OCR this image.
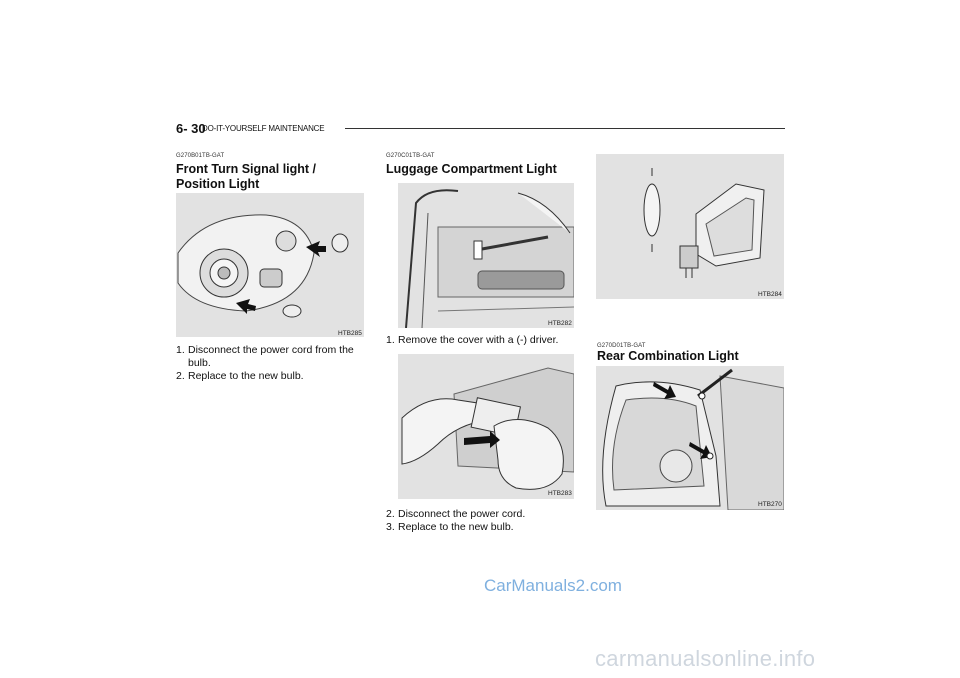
6- 30
DO-IT-YOURSELF MAINTENANCE
G270B01TB-GAT
Front Turn Signal light /
Position Light
HTB285
1. Disconnect the power cord from the
bulb.
2. Replace to the new bulb.
G270C01TB-GAT
Luggage Compartment Light
HTB282
1. Remove the cover with a (-) driver.
HTB283
2. Disconnect the power cord.
3. Replace to the new bulb.
HTB284
G270D01TB-GAT
Rear Combination Light
HTB270
CarManuals2.com
carmanualsonline.info
